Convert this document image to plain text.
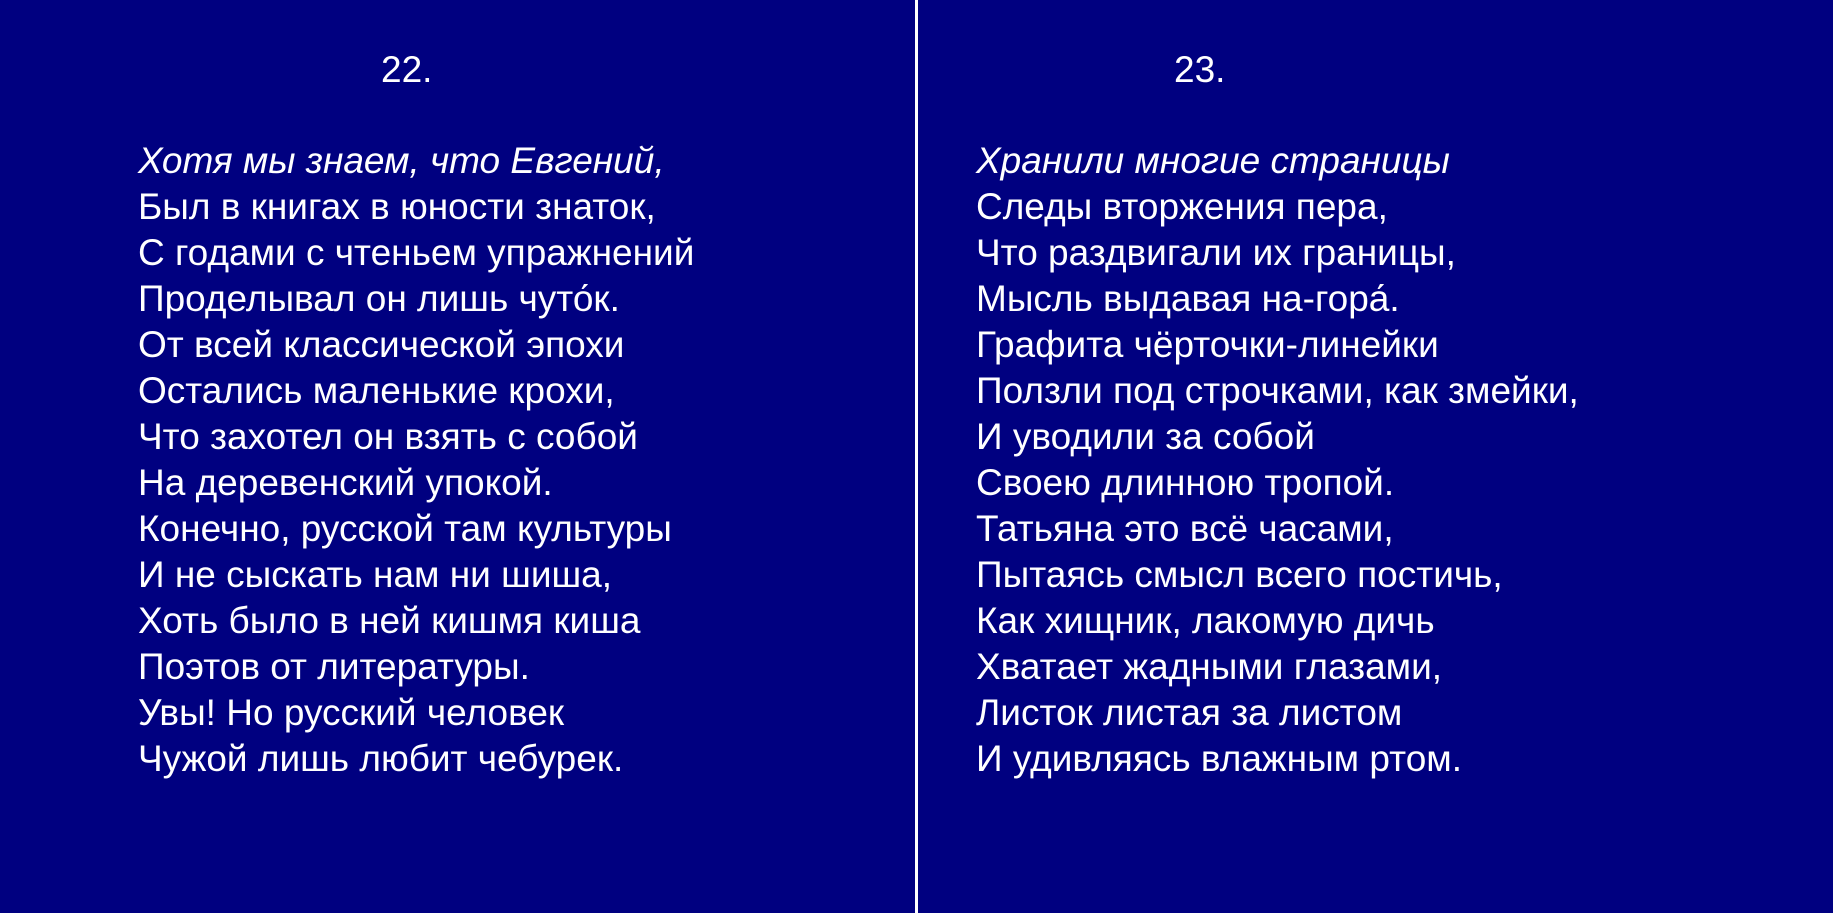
22.
Хотя мы знаем, что Евгений,
Был в книгах в юности знаток,
С годами с чтеньем упражнений
Проделывал он лишь чуто́к.
От всей классической эпохи
Остались маленькие крохи,
Что захотел он взять с собой
На деревенский упокой.
Конечно, русской там культуры
И не сыскать нам ни шиша,
Хоть было в ней кишмя киша
Поэтов от литературы.
Увы! Но русский человек
Чужой лишь любит чебурек.
23.
Хранили многие страницы
Следы вторжения пера,
Что раздвигали их границы,
Мысль выдавая на-гора́.
Графита чёрточки-линейки
Ползли под строчками, как змейки,
И уводили за собой
Своею длинною тропой.
Татьяна это всё часами,
Пытаясь смысл всего постичь,
Как хищник, лакомую дичь
Хватает жадными глазами,
Листок листая за листом
И удивляясь влажным ртом.
